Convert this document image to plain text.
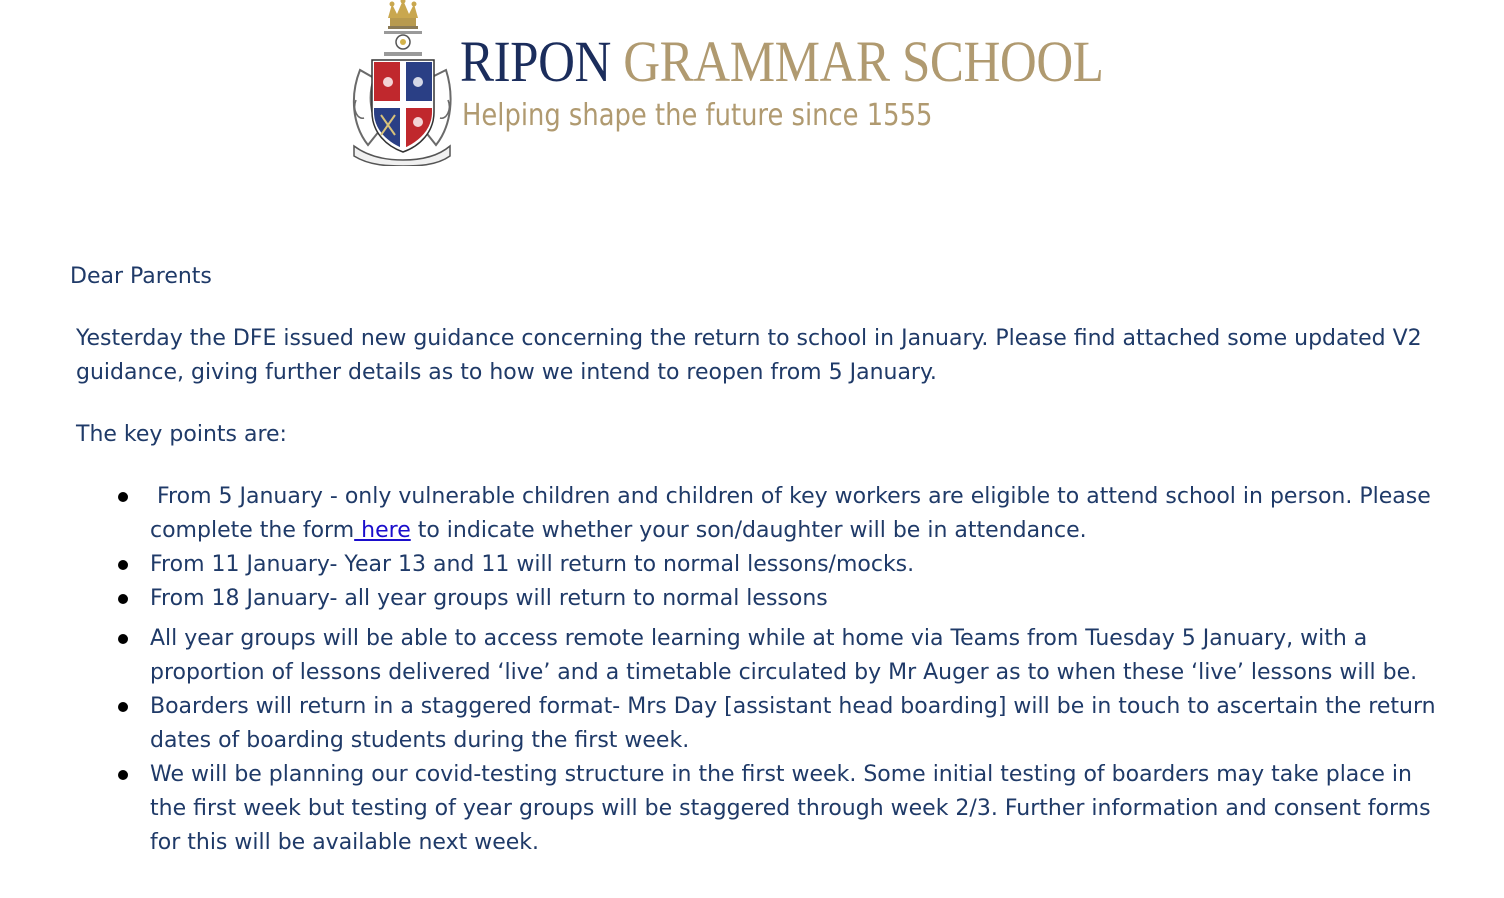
RIPON GRAMMAR SCHOOL

Helping shape the future since 1555

Dear Parents

Yesterday the DFE issued new guidance concerning the return to school in January. Please find attached some updated V2 guidance, giving further details as to how we intend to reopen from 5 January.

The key points are:

From 5 January - only vulnerable children and children of key workers are eligible to attend school in person. Please complete the form here to indicate whether your son/daughter will be in attendance.
From 11 January- Year 13 and 11 will return to normal lessons/mocks.
From 18 January- all year groups will return to normal lessons
All year groups will be able to access remote learning while at home via Teams from Tuesday 5 January, with a proportion of lessons delivered ‘live’ and a timetable circulated by Mr Auger as to when these ‘live’ lessons will be.
Boarders will return in a staggered format- Mrs Day [assistant head boarding] will be in touch to ascertain the return dates of boarding students during the first week.
We will be planning our covid-testing structure in the first week. Some initial testing of boarders may take place in the first week but testing of year groups will be staggered through week 2/3. Further information and consent forms for this will be available next week.
